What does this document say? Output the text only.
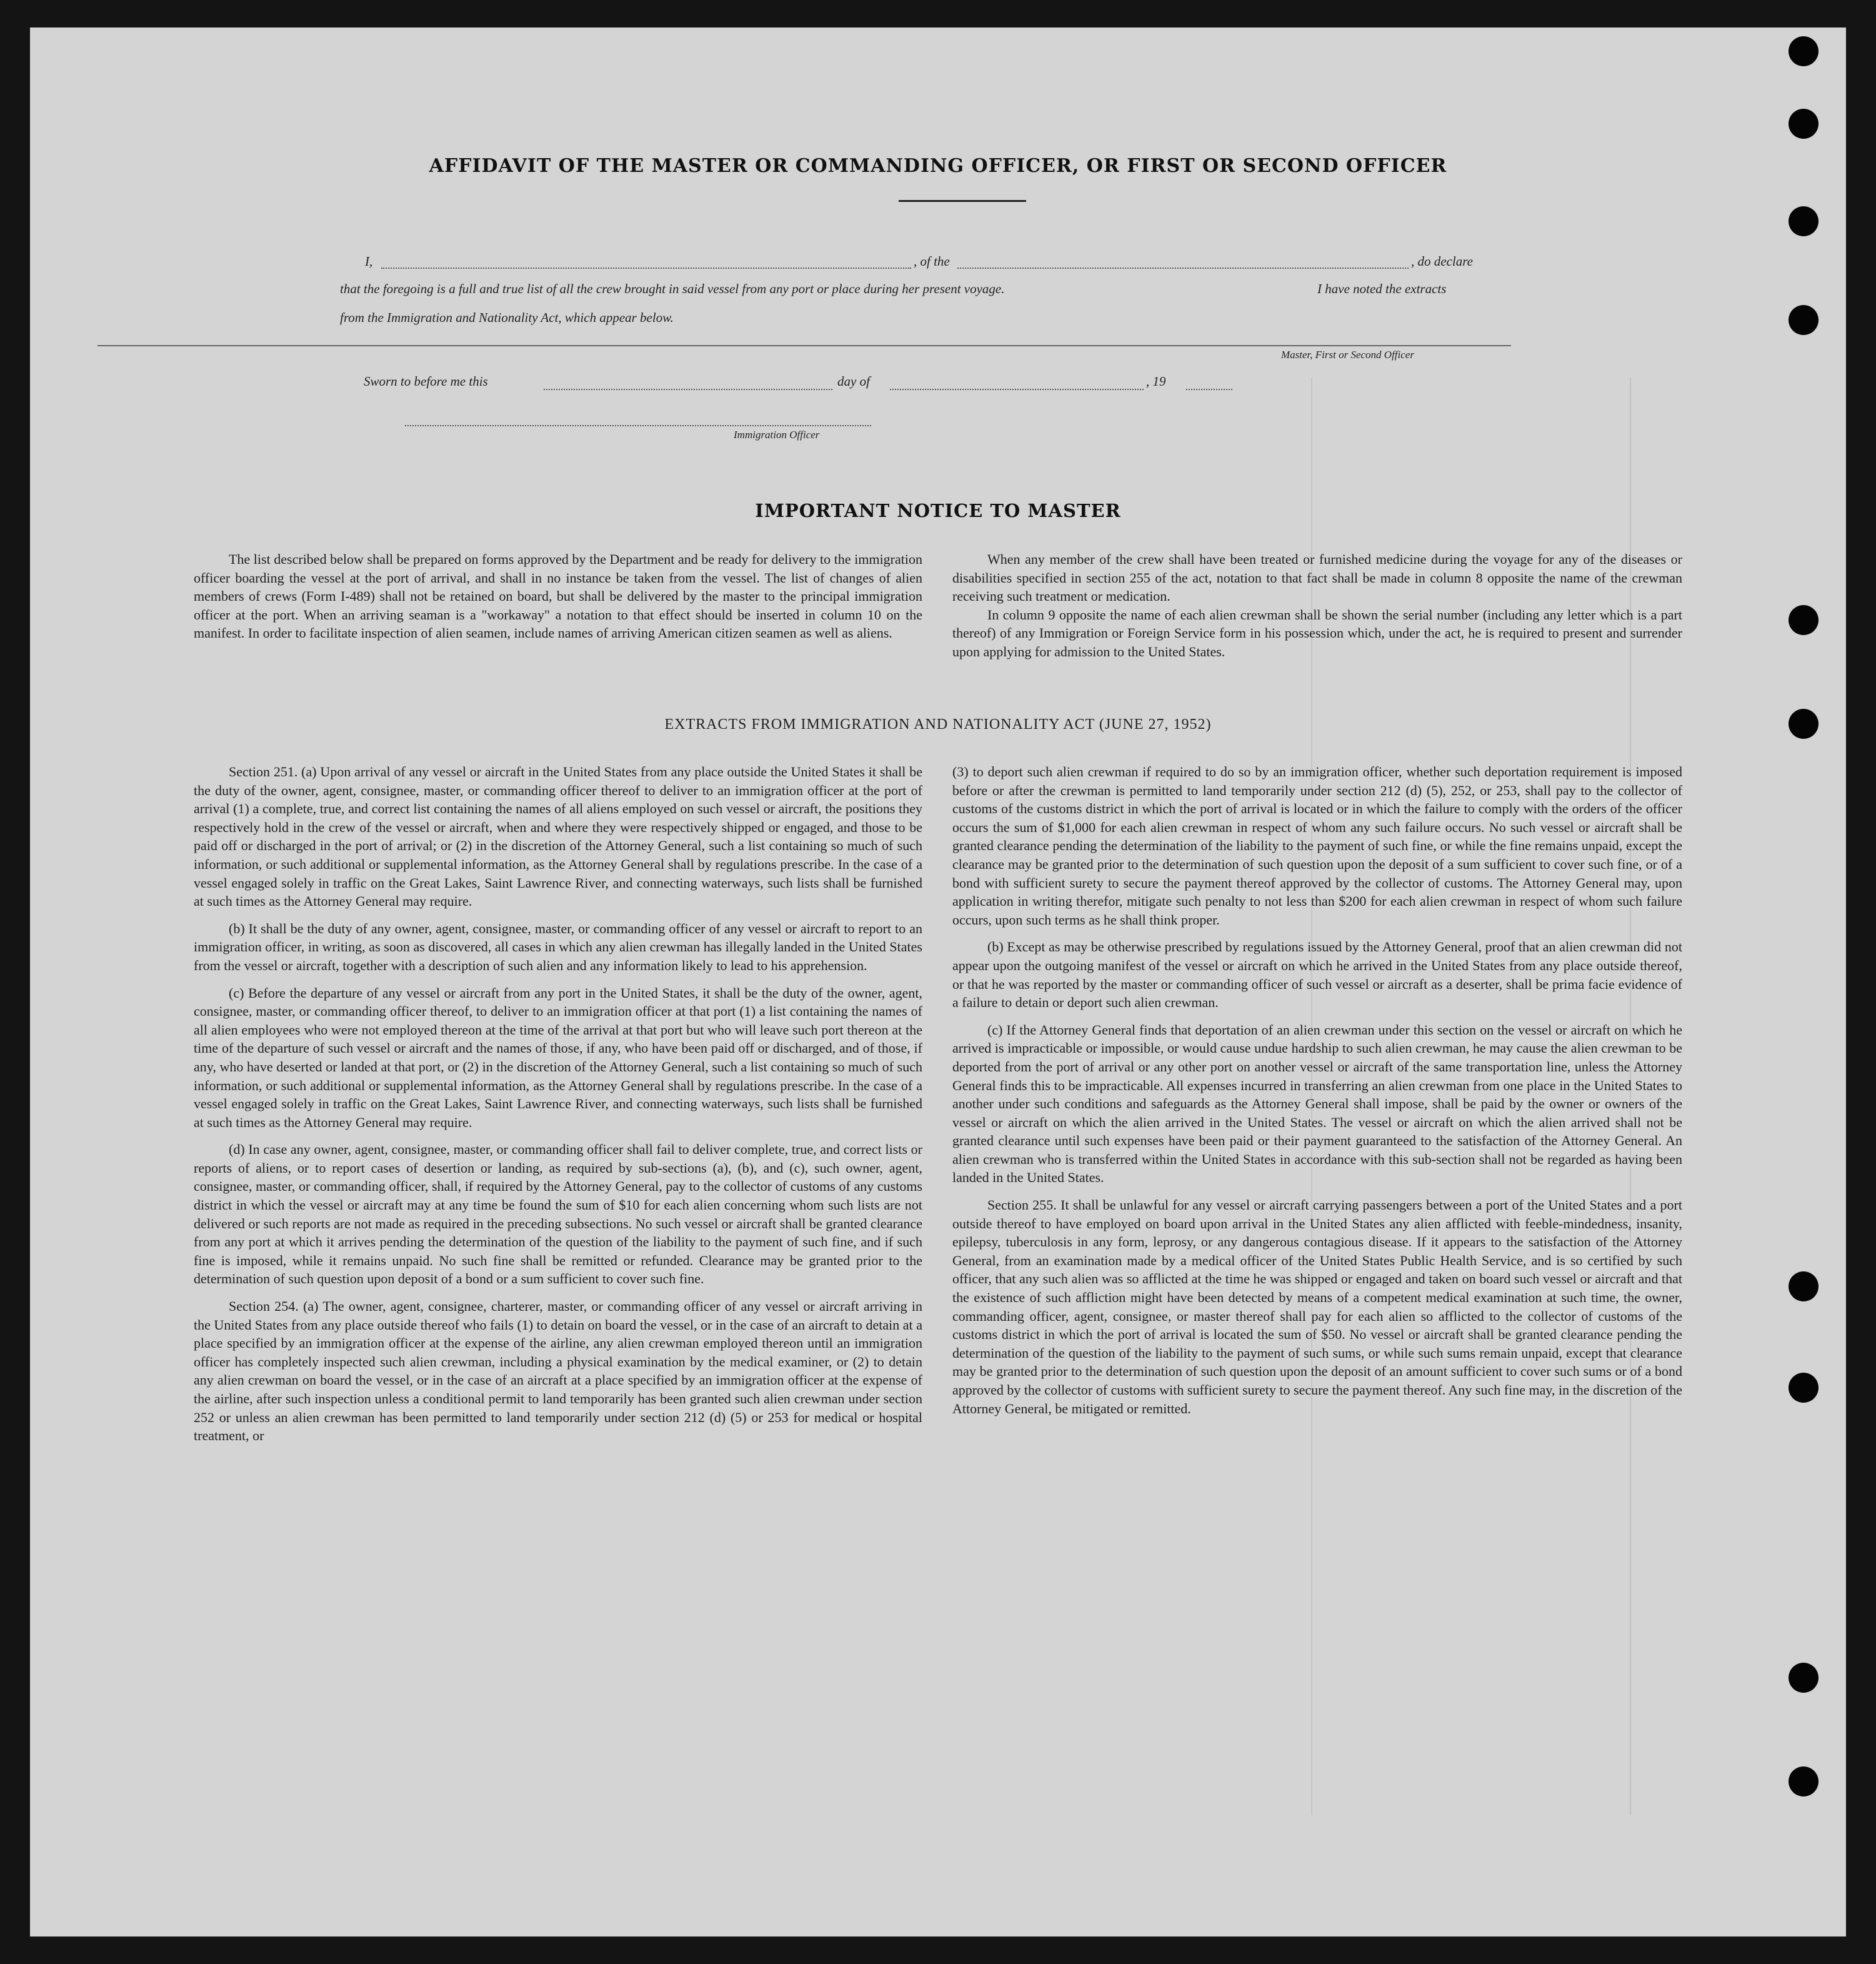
AFFIDAVIT OF THE MASTER OR COMMANDING OFFICER, OR FIRST OR SECOND OFFICER
I,	, of the	, do declare
that the foregoing is a full and true list of all the crew brought in said vessel from any port or place during her present voyage.	I have noted the extracts
from the Immigration and Nationality Act, which appear below.
Master, First or Second Officer
Sworn to before me this	day of	, 19
Immigration Officer
IMPORTANT NOTICE TO MASTER

The list described below shall be prepared on forms approved by the Department and be ready for delivery to the immigration officer boarding the vessel at the port of arrival, and shall in no instance be taken from the vessel. The list of changes of alien members of crews (Form I-489) shall not be retained on board, but shall be delivered by the master to the principal immigration officer at the port. When an arriving seaman is a "workaway" a notation to that effect should be inserted in column 10 on the manifest. In order to facilitate inspection of alien seamen, include names of arriving American citizen seamen as well as aliens.

When any member of the crew shall have been treated or furnished medicine during the voyage for any of the diseases or disabilities specified in section 255 of the act, notation to that fact shall be made in column 8 opposite the name of the crewman receiving such treatment or medication.

In column 9 opposite the name of each alien crewman shall be shown the serial number (including any letter which is a part thereof) of any Immigration or Foreign Service form in his possession which, under the act, he is required to present and surrender upon applying for admission to the United States.

EXTRACTS FROM IMMIGRATION AND NATIONALITY ACT (JUNE 27, 1952)

Section 251. (a) Upon arrival of any vessel or aircraft in the United States from any place outside the United States it shall be the duty of the owner, agent, consignee, master, or commanding officer thereof to deliver to an immigration officer at the port of arrival (1) a complete, true, and correct list containing the names of all aliens employed on such vessel or aircraft, the positions they respectively hold in the crew of the vessel or aircraft, when and where they were respectively shipped or engaged, and those to be paid off or discharged in the port of arrival; or (2) in the discretion of the Attorney General, such a list containing so much of such information, or such additional or supplemental information, as the Attorney General shall by regulations prescribe. In the case of a vessel engaged solely in traffic on the Great Lakes, Saint Lawrence River, and connecting waterways, such lists shall be furnished at such times as the Attorney General may require.

(b) It shall be the duty of any owner, agent, consignee, master, or commanding officer of any vessel or aircraft to report to an immigration officer, in writing, as soon as discovered, all cases in which any alien crewman has illegally landed in the United States from the vessel or aircraft, together with a description of such alien and any information likely to lead to his apprehension.

(c) Before the departure of any vessel or aircraft from any port in the United States, it shall be the duty of the owner, agent, consignee, master, or commanding officer thereof, to deliver to an immigration officer at that port (1) a list containing the names of all alien employees who were not employed thereon at the time of the arrival at that port but who will leave such port thereon at the time of the departure of such vessel or aircraft and the names of those, if any, who have been paid off or discharged, and of those, if any, who have deserted or landed at that port, or (2) in the discretion of the Attorney General, such a list containing so much of such information, or such additional or supplemental information, as the Attorney General shall by regulations prescribe. In the case of a vessel engaged solely in traffic on the Great Lakes, Saint Lawrence River, and connecting waterways, such lists shall be furnished at such times as the Attorney General may require.

(d) In case any owner, agent, consignee, master, or commanding officer shall fail to deliver complete, true, and correct lists or reports of aliens, or to report cases of desertion or landing, as required by sub-sections (a), (b), and (c), such owner, agent, consignee, master, or commanding officer, shall, if required by the Attorney General, pay to the collector of customs of any customs district in which the vessel or aircraft may at any time be found the sum of $10 for each alien concerning whom such lists are not delivered or such reports are not made as required in the preceding subsections. No such vessel or aircraft shall be granted clearance from any port at which it arrives pending the determination of the question of the liability to the payment of such fine, and if such fine is imposed, while it remains unpaid. No such fine shall be remitted or refunded. Clearance may be granted prior to the determination of such question upon deposit of a bond or a sum sufficient to cover such fine.

Section 254. (a) The owner, agent, consignee, charterer, master, or commanding officer of any vessel or aircraft arriving in the United States from any place outside thereof who fails (1) to detain on board the vessel, or in the case of an aircraft to detain at a place specified by an immigration officer at the expense of the airline, any alien crewman employed thereon until an immigration officer has completely inspected such alien crewman, including a physical examination by the medical examiner, or (2) to detain any alien crewman on board the vessel, or in the case of an aircraft at a place specified by an immigration officer at the expense of the airline, after such inspection unless a conditional permit to land temporarily has been granted such alien crewman under section 252 or unless an alien crewman has been permitted to land temporarily under section 212 (d) (5) or 253 for medical or hospital treatment, or

(3) to deport such alien crewman if required to do so by an immigration officer, whether such deportation requirement is imposed before or after the crewman is permitted to land temporarily under section 212 (d) (5), 252, or 253, shall pay to the collector of customs of the customs district in which the port of arrival is located or in which the failure to comply with the orders of the officer occurs the sum of $1,000 for each alien crewman in respect of whom any such failure occurs. No such vessel or aircraft shall be granted clearance pending the determination of the liability to the payment of such fine, or while the fine remains unpaid, except the clearance may be granted prior to the determination of such question upon the deposit of a sum sufficient to cover such fine, or of a bond with sufficient surety to secure the payment thereof approved by the collector of customs. The Attorney General may, upon application in writing therefor, mitigate such penalty to not less than $200 for each alien crewman in respect of whom such failure occurs, upon such terms as he shall think proper.

(b) Except as may be otherwise prescribed by regulations issued by the Attorney General, proof that an alien crewman did not appear upon the outgoing manifest of the vessel or aircraft on which he arrived in the United States from any place outside thereof, or that he was reported by the master or commanding officer of such vessel or aircraft as a deserter, shall be prima facie evidence of a failure to detain or deport such alien crewman.

(c) If the Attorney General finds that deportation of an alien crewman under this section on the vessel or aircraft on which he arrived is impracticable or impossible, or would cause undue hardship to such alien crewman, he may cause the alien crewman to be deported from the port of arrival or any other port on another vessel or aircraft of the same transportation line, unless the Attorney General finds this to be impracticable. All expenses incurred in transferring an alien crewman from one place in the United States to another under such conditions and safeguards as the Attorney General shall impose, shall be paid by the owner or owners of the vessel or aircraft on which the alien arrived in the United States. The vessel or aircraft on which the alien arrived shall not be granted clearance until such expenses have been paid or their payment guaranteed to the satisfaction of the Attorney General. An alien crewman who is transferred within the United States in accordance with this sub-section shall not be regarded as having been landed in the United States.

Section 255. It shall be unlawful for any vessel or aircraft carrying passengers between a port of the United States and a port outside thereof to have employed on board upon arrival in the United States any alien afflicted with feeble-mindedness, insanity, epilepsy, tuberculosis in any form, leprosy, or any dangerous contagious disease. If it appears to the satisfaction of the Attorney General, from an examination made by a medical officer of the United States Public Health Service, and is so certified by such officer, that any such alien was so afflicted at the time he was shipped or engaged and taken on board such vessel or aircraft and that the existence of such affliction might have been detected by means of a competent medical examination at such time, the owner, commanding officer, agent, consignee, or master thereof shall pay for each alien so afflicted to the collector of customs of the customs district in which the port of arrival is located the sum of $50. No vessel or aircraft shall be granted clearance pending the determination of the question of the liability to the payment of such sums, or while such sums remain unpaid, except that clearance may be granted prior to the determination of such question upon the deposit of an amount sufficient to cover such sums or of a bond approved by the collector of customs with sufficient surety to secure the payment thereof. Any such fine may, in the discretion of the Attorney General, be mitigated or remitted.
